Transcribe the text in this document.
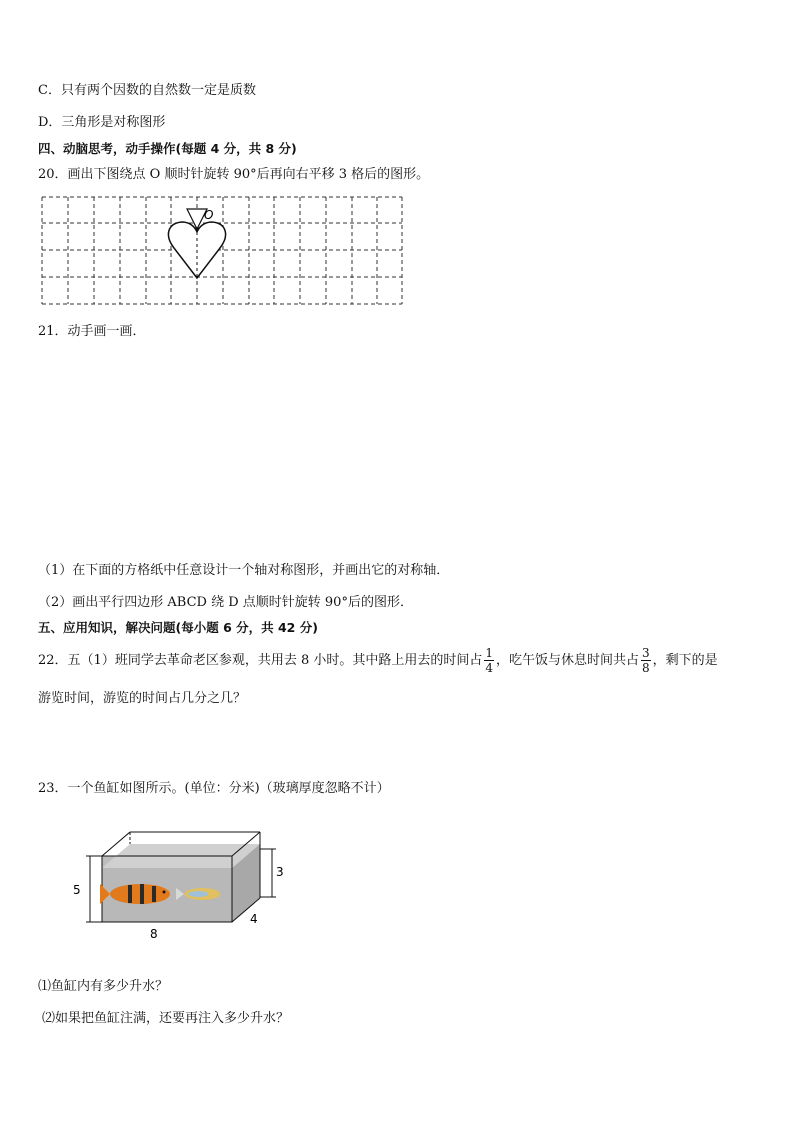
C．只有两个因数的自然数一定是质数
D．三角形是对称图形
四、动脑思考，动手操作(每题 4 分，共 8 分)
20．画出下图绕点 O 顺时针旋转 90°后再向右平移 3 格后的图形。
O
21．动手画一画．
（1）在下面的方格纸中任意设计一个轴对称图形，并画出它的对称轴．
（2）画出平行四边形 ABCD 绕 D 点顺时针旋转 90°后的图形．
五、应用知识，解决问题(每小题 6 分，共 42 分)
22．五（1）班同学去革命老区参观，共用去 8 小时。其中路上用去的时间占 $\frac{1}{4}$ ，吃午饭与休息时间共占 $\frac{3}{8}$ ，剩下的是
游览时间，游览的时间占几分之几？
23．一个鱼缸如图所示。(单位：分米)（玻璃厚度忽略不计）
5
3
8
4
⑴鱼缸内有多少升水？
⑵如果把鱼缸注满，还要再注入多少升水？
